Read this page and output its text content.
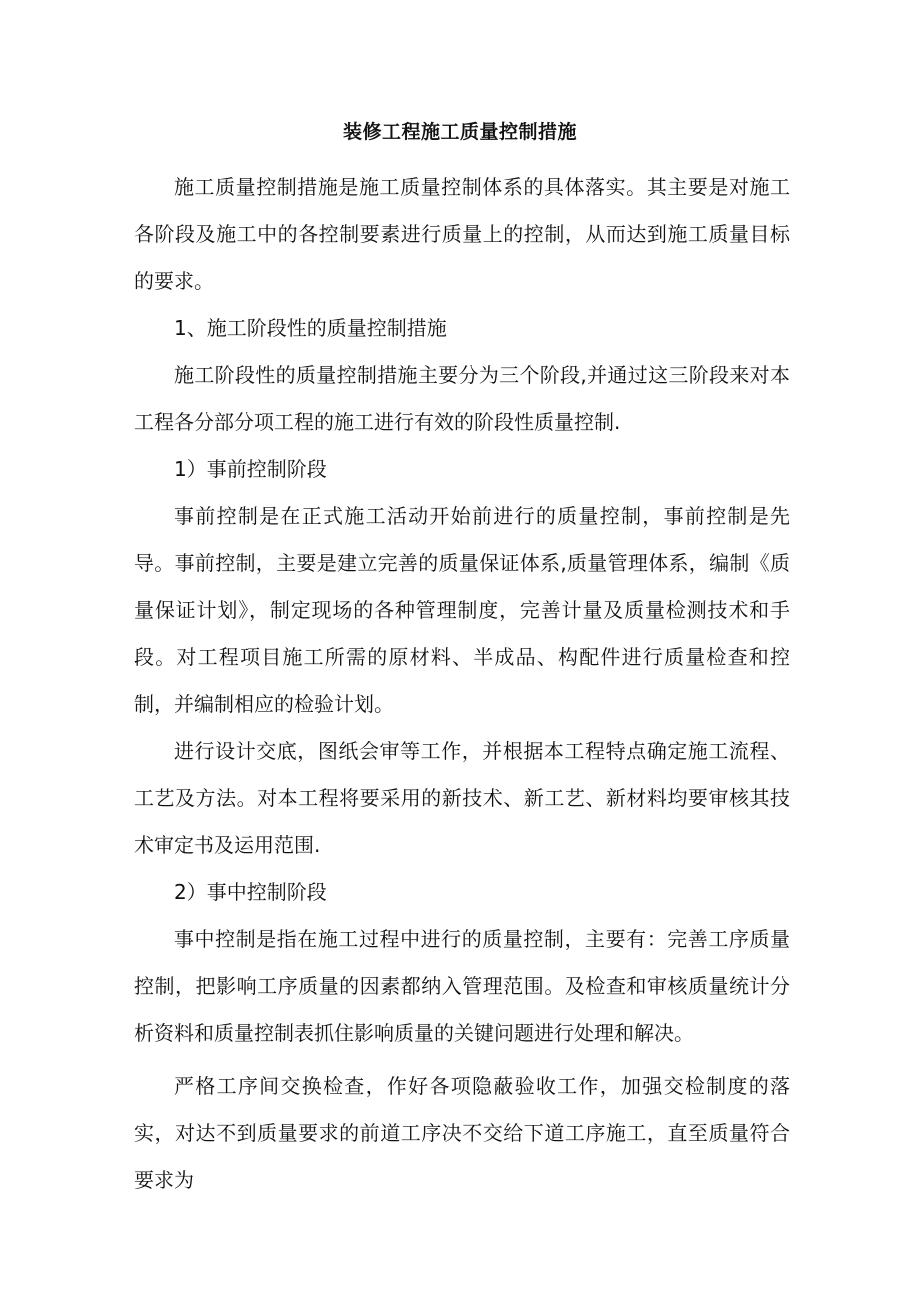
装修工程施工质量控制措施

施工质量控制措施是施工质量控制体系的具体落实。其主要是对施工各阶段及施工中的各控制要素进行质量上的控制，从而达到施工质量目标的要求。

1、施工阶段性的质量控制措施

施工阶段性的质量控制措施主要分为三个阶段,并通过这三阶段来对本工程各分部分项工程的施工进行有效的阶段性质量控制.

1）事前控制阶段

事前控制是在正式施工活动开始前进行的质量控制，事前控制是先导。事前控制，主要是建立完善的质量保证体系,质量管理体系，编制《质量保证计划》，制定现场的各种管理制度，完善计量及质量检测技术和手段。对工程项目施工所需的原材料、半成品、构配件进行质量检查和控制，并编制相应的检验计划。

进行设计交底，图纸会审等工作，并根据本工程特点确定施工流程、工艺及方法。对本工程将要采用的新技术、新工艺、新材料均要审核其技术审定书及运用范围.

2）事中控制阶段

事中控制是指在施工过程中进行的质量控制，主要有：完善工序质量控制，把影响工序质量的因素都纳入管理范围。及检查和审核质量统计分析资料和质量控制表抓住影响质量的关键问题进行处理和解决。

严格工序间交换检查，作好各项隐蔽验收工作，加强交检制度的落实，对达不到质量要求的前道工序决不交给下道工序施工，直至质量符合要求为
